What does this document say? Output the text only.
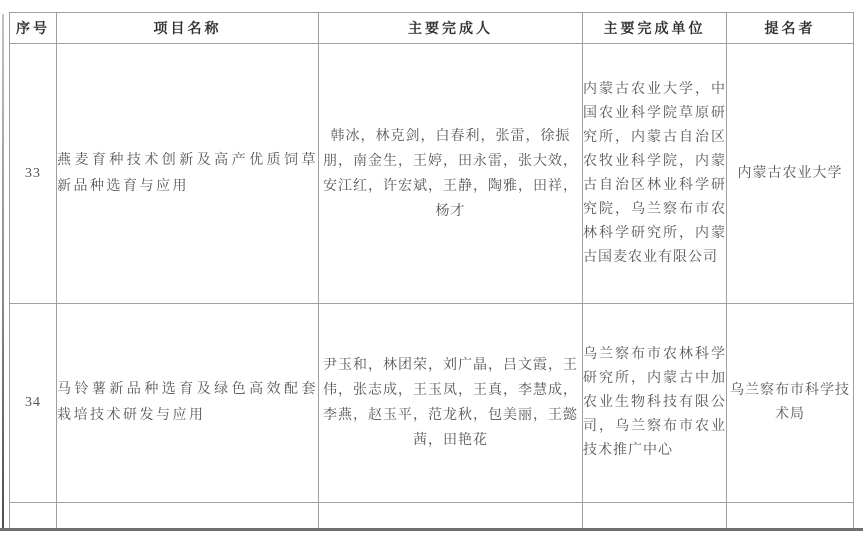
序号	项目名称	主要完成人	主要完成单位	提名者
33	燕麦育种技术创新及高产优质饲草新品种选育与应用	韩冰，林克剑，白春利，张雷，徐振朋，南金生，王婷，田永雷，张大效，安江红，许宏斌，王静，陶雅，田祥，杨才	内蒙古农业大学，中国农业科学院草原研究所，内蒙古自治区农牧业科学院，内蒙古自治区林业科学研究院，乌兰察布市农林科学研究所，内蒙古国麦农业有限公司	内蒙古农业大学
34	马铃薯新品种选育及绿色高效配套栽培技术研发与应用	尹玉和，林团荣，刘广晶，吕文霞，王伟，张志成，王玉凤，王真，李慧成，李燕，赵玉平，范龙秋，包美丽，王懿茜，田艳花	乌兰察布市农林科学研究所，内蒙古中加农业生物科技有限公司，乌兰察布市农业技术推广中心	乌兰察布市科学技术局
